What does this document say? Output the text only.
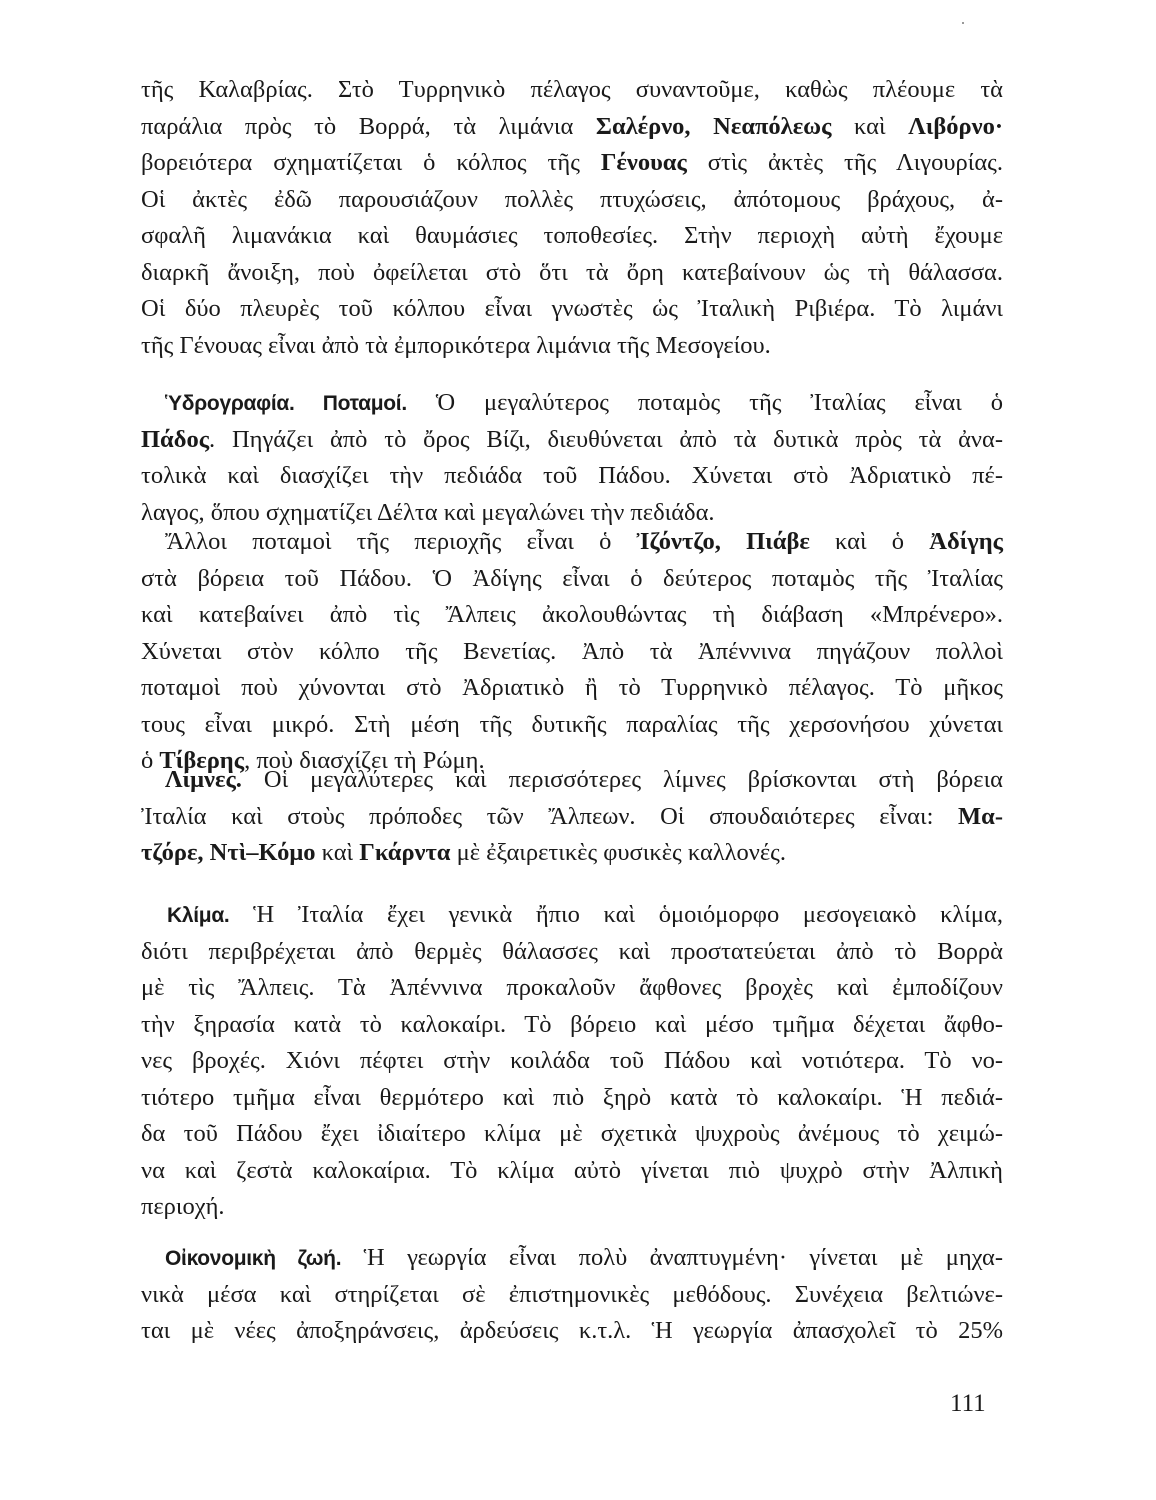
τῆς Καλαβρίας. Στὸ Τυρρηνικὸ πέλαγος συναντοῦμε, καθὼς πλέουμε τὰ
παράλια πρὸς τὸ Βορρά, τὰ λιμάνια Σαλέρνο, Νεαπόλεως καὶ Λιβόρνο·
βορειότερα σχηματίζεται ὁ κόλπος τῆς Γένουας στὶς ἀκτὲς τῆς Λιγουρίας.
Οἱ ἀκτὲς ἐδῶ παρουσιάζουν πολλὲς πτυχώσεις, ἀπότομους βράχους, ἀ-
σφαλῆ λιμανάκια καὶ θαυμάσιες τοποθεσίες. Στὴν περιοχὴ αὐτὴ ἔχουμε
διαρκῆ ἄνοιξη, ποὺ ὀφείλεται στὸ ὅτι τὰ ὄρη κατεβαίνουν ὡς τὴ θάλασσα.
Οἱ δύο πλευρὲς τοῦ κόλπου εἶναι γνωστὲς ὡς Ἰταλικὴ Ριβιέρα. Τὸ λιμάνι
τῆς Γένουας εἶναι ἀπὸ τὰ ἐμπορικότερα λιμάνια τῆς Μεσογείου.
Ὑδρογραφία. Ποταμοί. Ὁ μεγαλύτερος ποταμὸς τῆς Ἰταλίας εἶναι ὁ
Πάδος. Πηγάζει ἀπὸ τὸ ὄρος Βίζι, διευθύνεται ἀπὸ τὰ δυτικὰ πρὸς τὰ ἀνα-
τολικὰ καὶ διασχίζει τὴν πεδιάδα τοῦ Πάδου. Χύνεται στὸ Ἀδριατικὸ πέ-
λαγος, ὅπου σχηματίζει Δέλτα καὶ μεγαλώνει τὴν πεδιάδα.
Ἄλλοι ποταμοὶ τῆς περιοχῆς εἶναι ὁ Ἰζόντζο, Πιάβε καὶ ὁ Ἀδίγης
στὰ βόρεια τοῦ Πάδου. Ὁ Ἀδίγης εἶναι ὁ δεύτερος ποταμὸς τῆς Ἰταλίας
καὶ κατεβαίνει ἀπὸ τὶς Ἄλπεις ἀκολουθώντας τὴ διάβαση «Μπρένερο».
Χύνεται στὸν κόλπο τῆς Βενετίας. Ἀπὸ τὰ Ἀπέννινα πηγάζουν πολλοὶ
ποταμοὶ ποὺ χύνονται στὸ Ἀδριατικὸ ἢ τὸ Τυρρηνικὸ πέλαγος. Τὸ μῆκος
τους εἶναι μικρό. Στὴ μέση τῆς δυτικῆς παραλίας τῆς χερσονήσου χύνεται
ὁ Τίβερης, ποὺ διασχίζει τὴ Ρώμη.
Λίμνες. Οἱ μεγαλύτερες καὶ περισσότερες λίμνες βρίσκονται στὴ βόρεια
Ἰταλία καὶ στοὺς πρόποδες τῶν Ἄλπεων. Οἱ σπουδαιότερες εἶναι: Μα-
τζόρε, Ντὶ–Κόμο καὶ Γκάρντα μὲ ἐξαιρετικὲς φυσικὲς καλλονές.
Κλίμα. Ἡ Ἰταλία ἔχει γενικὰ ἤπιο καὶ ὁμοιόμορφο μεσογειακὸ κλίμα,
διότι περιβρέχεται ἀπὸ θερμὲς θάλασσες καὶ προστατεύεται ἀπὸ τὸ Βορρὰ
μὲ τὶς Ἄλπεις. Τὰ Ἀπέννινα προκαλοῦν ἄφθονες βροχὲς καὶ ἐμποδίζουν
τὴν ξηρασία κατὰ τὸ καλοκαίρι. Τὸ βόρειο καὶ μέσο τμῆμα δέχεται ἄφθο-
νες βροχές. Χιόνι πέφτει στὴν κοιλάδα τοῦ Πάδου καὶ νοτιότερα. Τὸ νο-
τιότερο τμῆμα εἶναι θερμότερο καὶ πιὸ ξηρὸ κατὰ τὸ καλοκαίρι. Ἡ πεδιά-
δα τοῦ Πάδου ἔχει ἰδιαίτερο κλίμα μὲ σχετικὰ ψυχροὺς ἀνέμους τὸ χειμώ-
να καὶ ζεστὰ καλοκαίρια. Τὸ κλίμα αὐτὸ γίνεται πιὸ ψυχρὸ στὴν Ἀλπικὴ
περιοχή.
Οἰκονομικὴ ζωή. Ἡ γεωργία εἶναι πολὺ ἀναπτυγμένη· γίνεται μὲ μηχα-
νικὰ μέσα καὶ στηρίζεται σὲ ἐπιστημονικὲς μεθόδους. Συνέχεια βελτιώνε-
ται μὲ νέες ἀποξηράνσεις, ἀρδεύσεις κ.τ.λ. Ἡ γεωργία ἀπασχολεῖ τὸ 25%
111
